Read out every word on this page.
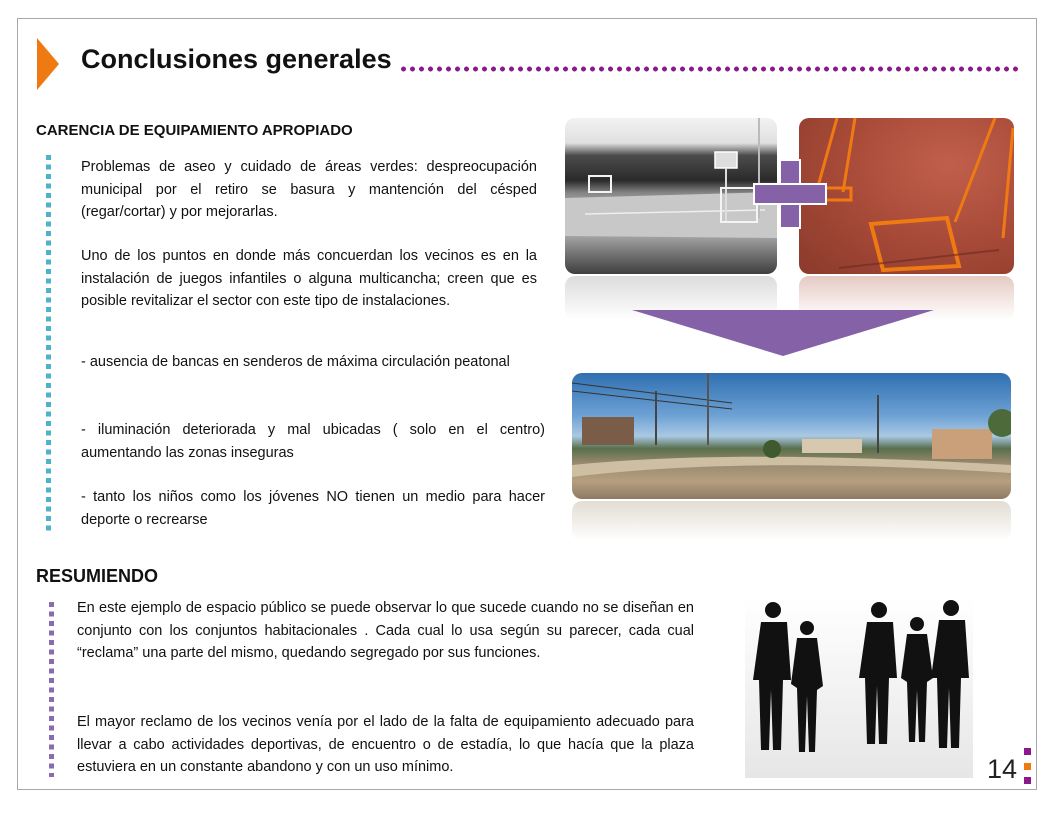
Conclusiones generales
CARENCIA DE EQUIPAMIENTO APROPIADO

Problemas de aseo y cuidado de áreas verdes: despreocupación municipal por el retiro se basura y mantención del césped (regar/cortar) y por mejorarlas.

Uno de los puntos en donde más concuerdan los vecinos es en la instalación de juegos infantiles o alguna multicancha; creen que es posible revitalizar el sector con este tipo de instalaciones.

- ausencia de bancas en senderos de máxima circulación peatonal

- iluminación deteriorada y mal ubicadas ( solo en el centro) aumentando las zonas inseguras

- tanto los niños como los jóvenes NO tienen un medio para hacer deporte o recrearse

RESUMIENDO

En este ejemplo de espacio público se puede observar lo que sucede cuando no se diseñan en conjunto con los conjuntos habitacionales . Cada cual lo usa según su parecer, cada cual “reclama” una parte del mismo, quedando segregado por sus funciones.

El mayor reclamo de los vecinos venía por el lado de la falta de equipamiento adecuado para llevar a cabo actividades deportivas, de encuentro o de estadía, lo que hacía que la plaza estuviera en un constante abandono y con un uso mínimo.	14
